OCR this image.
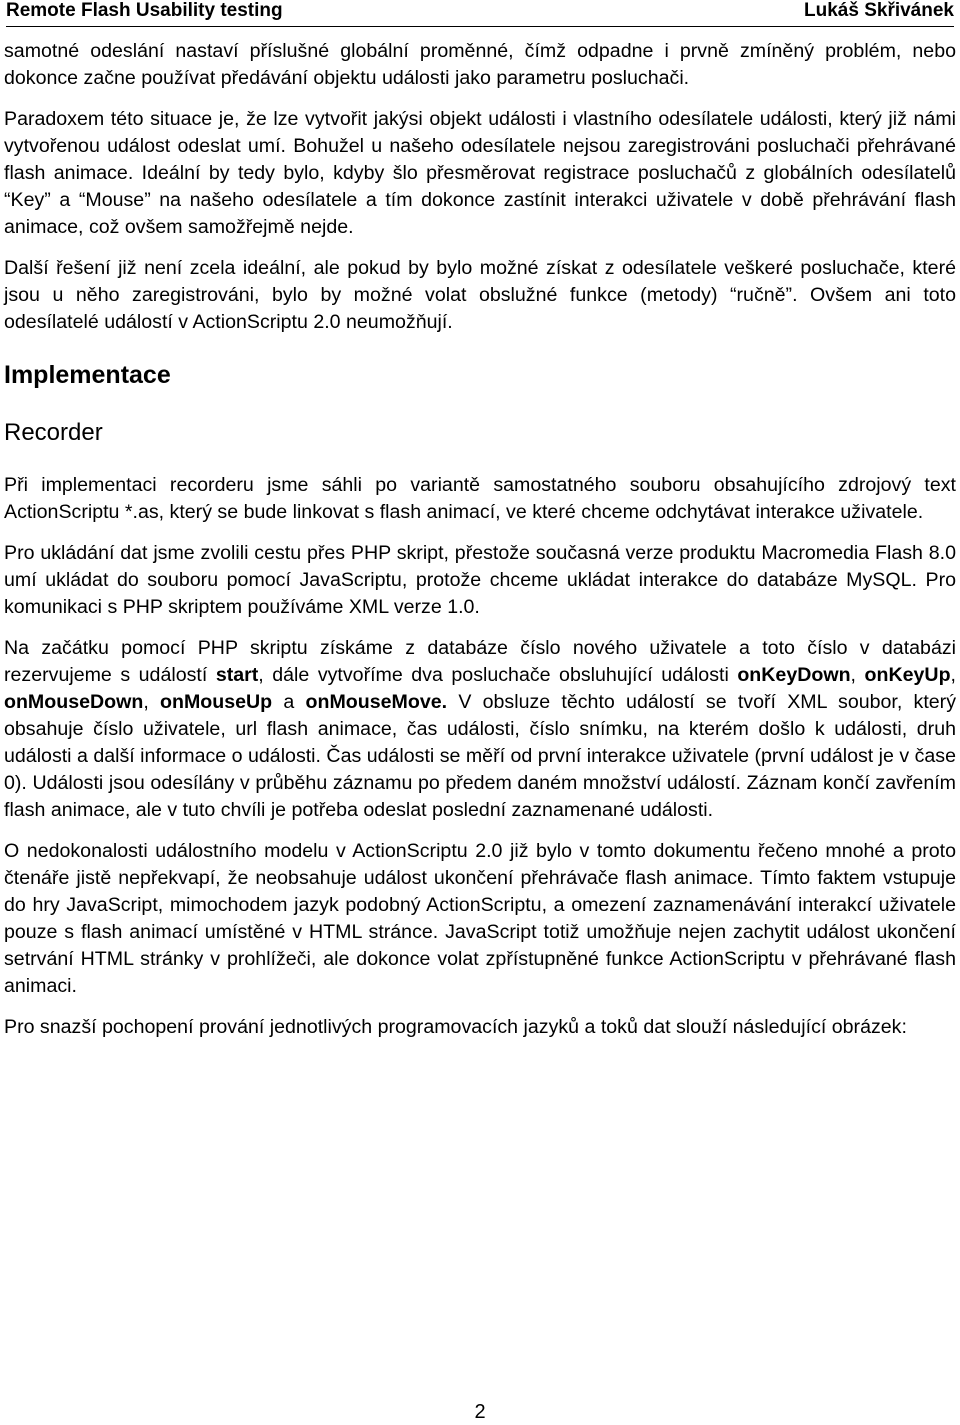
Remote Flash Usability testing	Lukáš Skřivánek

samotné odeslání nastaví příslušné globální proměnné, čímž odpadne i prvně zmíněný problém, nebo dokonce začne používat předávání objektu události jako parametru posluchači.

Paradoxem této situace je, že lze vytvořit jakýsi objekt události i vlastního odesílatele události, který již námi vytvořenou událost odeslat umí. Bohužel u našeho odesílatele nejsou zaregistrováni posluchači přehrávané flash animace. Ideální by tedy bylo, kdyby šlo přesměrovat registrace posluchačů z globálních odesílatelů “Key” a “Mouse” na našeho odesílatele a tím dokonce zastínit interakci uživatele v době přehrávání flash animace, což ovšem samožřejmě nejde.

Další řešení již není zcela ideální, ale pokud by bylo možné získat z odesílatele veškeré posluchače, které jsou u něho zaregistrováni, bylo by možné volat obslužné funkce (metody) “ručně”. Ovšem ani toto odesílatelé událostí v ActionScriptu 2.0 neumožňují.

Implementace
Recorder

Při implementaci recorderu jsme sáhli po variantě samostatného souboru obsahujícího zdrojový text ActionScriptu *.as, který se bude linkovat s flash animací, ve které chceme odchytávat interakce uživatele.

Pro ukládání dat jsme zvolili cestu přes PHP skript, přestože současná verze produktu Macromedia Flash 8.0 umí ukládat do souboru pomocí JavaScriptu, protože chceme ukládat interakce do databáze MySQL. Pro komunikaci s PHP skriptem používáme XML verze 1.0.

Na začátku pomocí PHP skriptu získáme z databáze číslo nového uživatele a toto číslo v databázi rezervujeme s událostí start, dále vytvoříme dva posluchače obsluhující události onKeyDown, onKeyUp, onMouseDown, onMouseUp a onMouseMove. V obsluze těchto událostí se tvoří XML soubor, který obsahuje číslo uživatele, url flash animace, čas události, číslo snímku, na kterém došlo k události, druh události a další informace o události. Čas události se měří od první interakce uživatele (první událost je v čase 0). Události jsou odesílány v průběhu záznamu po předem daném množství událostí. Záznam končí zavřením flash animace, ale v tuto chvíli je potřeba odeslat poslední zaznamenané události.

O nedokonalosti událostního modelu v ActionScriptu 2.0 již bylo v tomto dokumentu řečeno mnohé a proto čtenáře jistě nepřekvapí, že neobsahuje událost ukončení přehrávače flash animace. Tímto faktem vstupuje do hry JavaScript, mimochodem jazyk podobný ActionScriptu, a omezení zaznamenávání interakcí uživatele pouze s flash animací umístěné v HTML stránce. JavaScript totiž umožňuje nejen zachytit událost ukončení setrvání HTML stránky v prohlížeči, ale dokonce volat zpřístupněné funkce ActionScriptu v přehrávané flash animaci.

Pro snazší pochopení prování jednotlivých programovacích jazyků a toků dat slouží následující obrázek:

2
